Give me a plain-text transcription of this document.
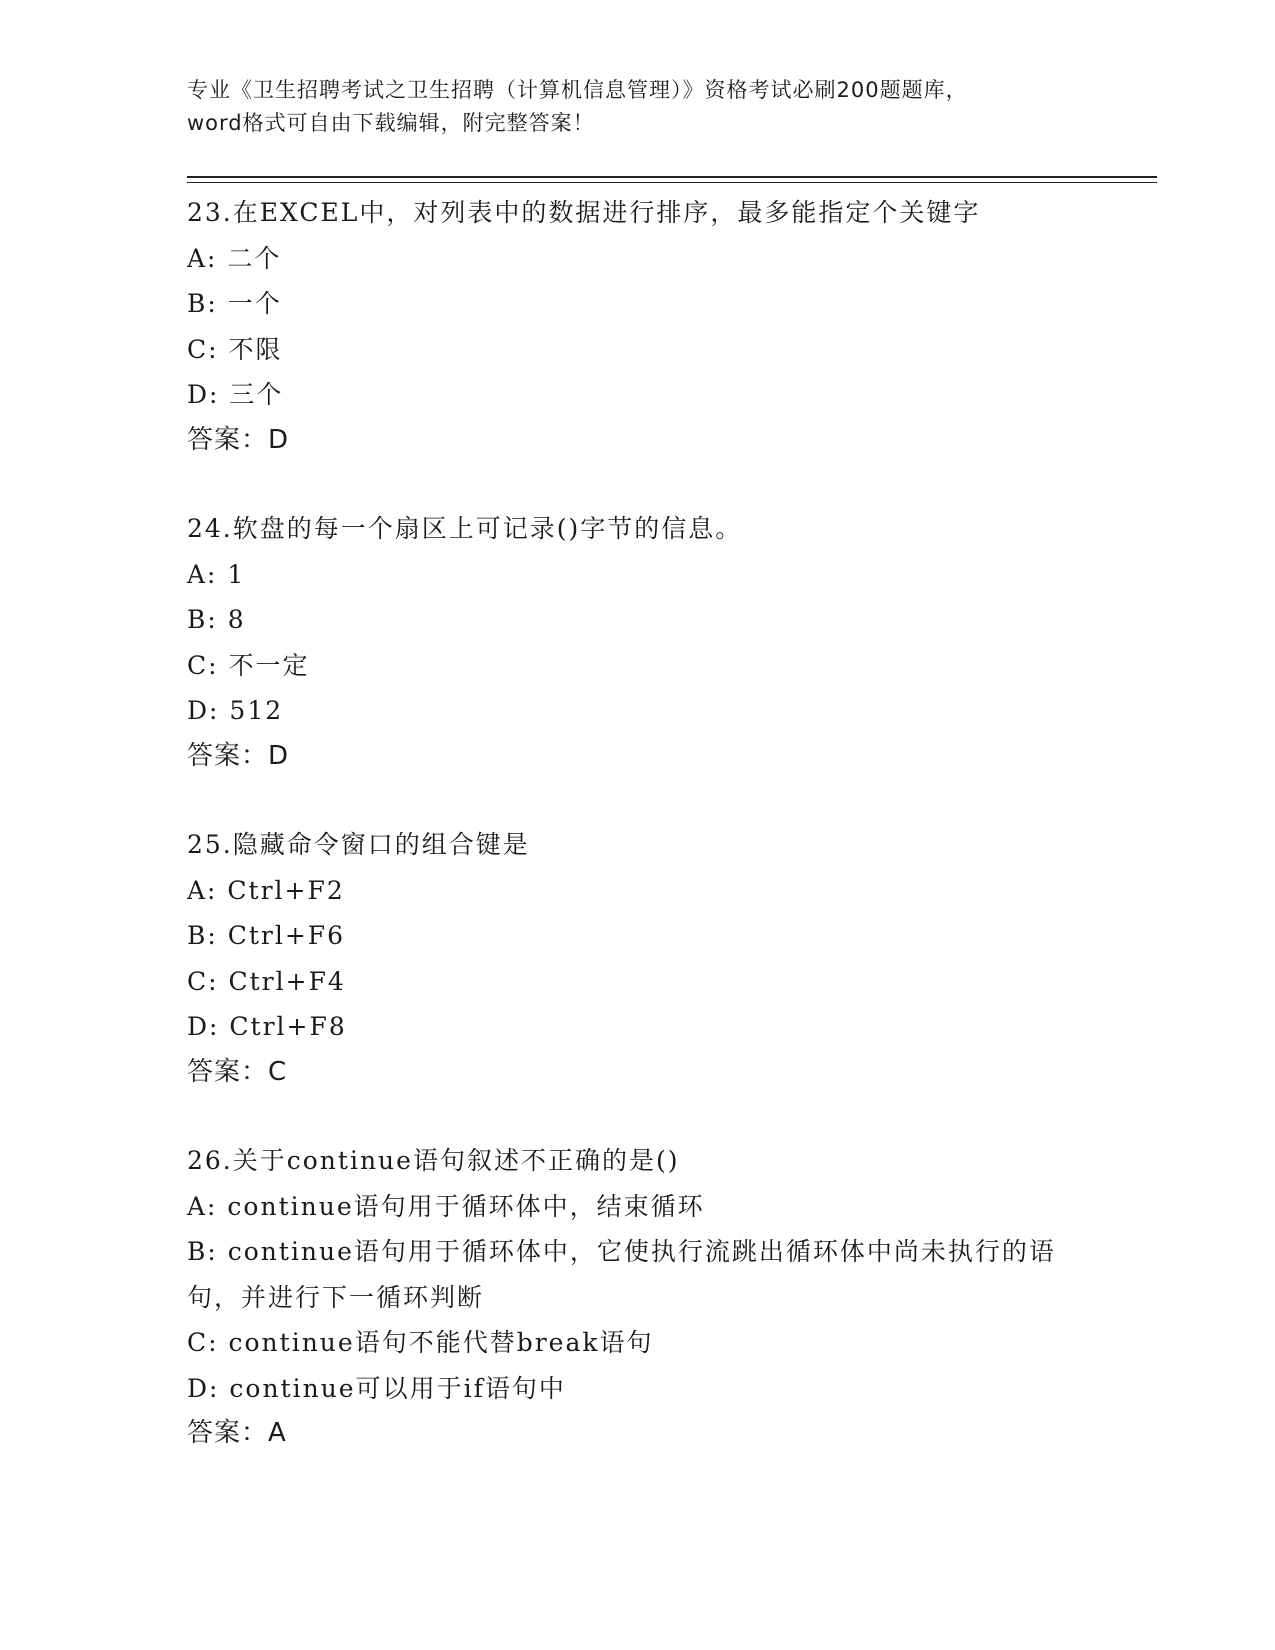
专业《卫生招聘考试之卫生招聘（计算机信息管理）》资格考试必刷200题题库，
word格式可自由下载编辑，附完整答案！
23.在EXCEL中，对列表中的数据进行排序，最多能指定个关键字
A: 二个
B: 一个
C: 不限
D: 三个
答案：D
24.软盘的每一个扇区上可记录()字节的信息。
A: 1
B: 8
C: 不一定
D: 512
答案：D
25.隐藏命令窗口的组合键是
A: Ctrl+F2
B: Ctrl+F6
C: Ctrl+F4
D: Ctrl+F8
答案：C
26.关于continue语句叙述不正确的是()
A: continue语句用于循环体中，结束循环
B: continue语句用于循环体中，它使执行流跳出循环体中尚未执行的语句，并进行下一循环判断
C: continue语句不能代替break语句
D: continue可以用于if语句中
答案：A
